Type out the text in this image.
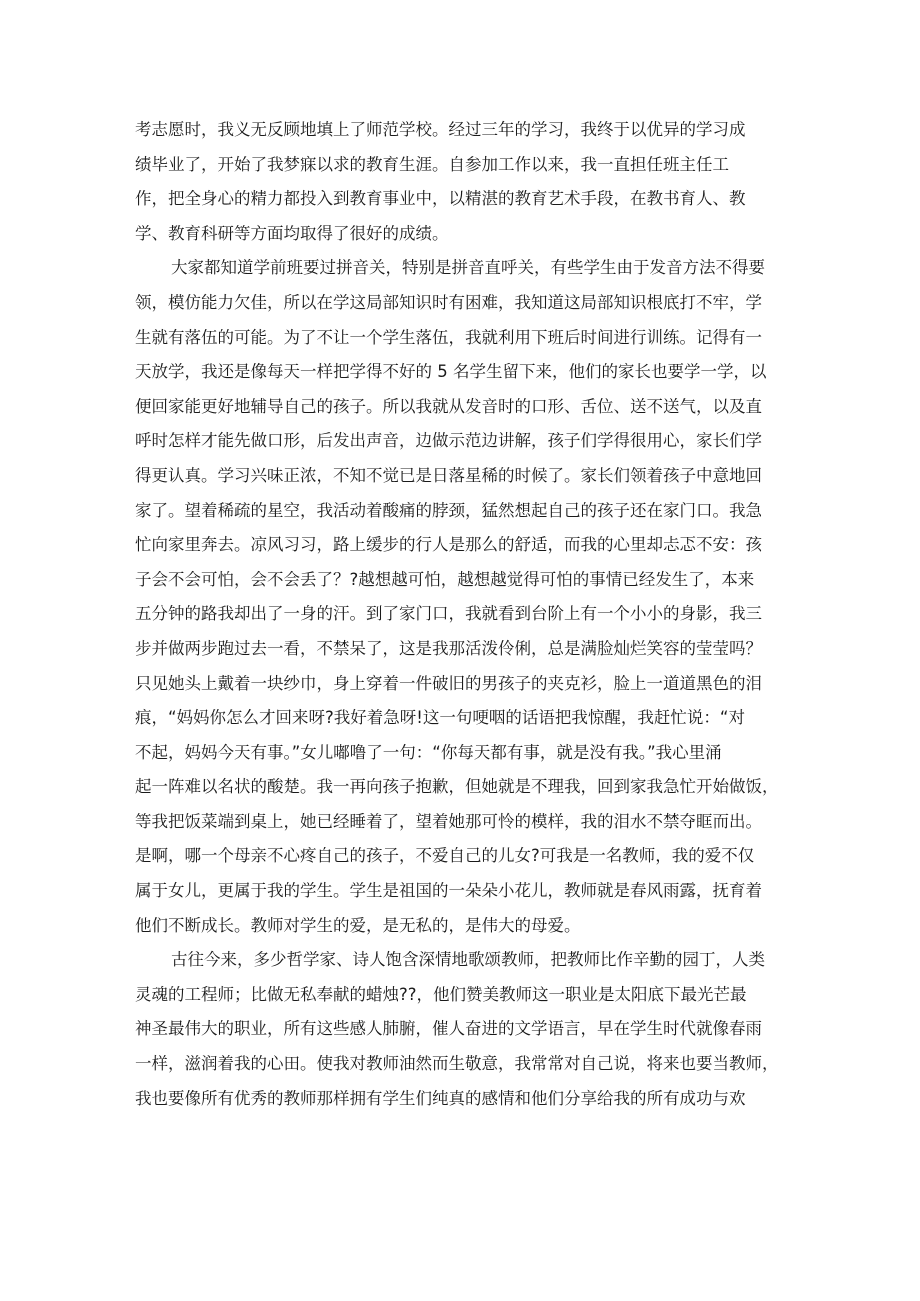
考志愿时，我义无反顾地填上了师范学校。经过三年的学习，我终于以优异的学习成
绩毕业了，开始了我梦寐以求的教育生涯。自参加工作以来，我一直担任班主任工
作，把全身心的精力都投入到教育事业中，以精湛的教育艺术手段，在教书育人、教
学、教育科研等方面均取得了很好的成绩。

大家都知道学前班要过拼音关，特别是拼音直呼关，有些学生由于发音方法不得要
领，模仿能力欠佳，所以在学这局部知识时有困难，我知道这局部知识根底打不牢，学
生就有落伍的可能。为了不让一个学生落伍，我就利用下班后时间进行训练。记得有一
天放学，我还是像每天一样把学得不好的 5 名学生留下来，他们的家长也要学一学，以
便回家能更好地辅导自己的孩子。所以我就从发音时的口形、舌位、送不送气，以及直
呼时怎样才能先做口形，后发出声音，边做示范边讲解，孩子们学得很用心，家长们学
得更认真。学习兴味正浓，不知不觉已是日落星稀的时候了。家长们领着孩子中意地回
家了。望着稀疏的星空，我活动着酸痛的脖颈，猛然想起自己的孩子还在家门口。我急
忙向家里奔去。凉风习习，路上缓步的行人是那么的舒适，而我的心里却忐忑不安：孩
子会不会可怕，会不会丢了？?越想越可怕，越想越觉得可怕的事情已经发生了，本来
五分钟的路我却出了一身的汗。到了家门口，我就看到台阶上有一个小小的身影，我三
步并做两步跑过去一看，不禁呆了，这是我那活泼伶俐，总是满脸灿烂笑容的莹莹吗？
只见她头上戴着一块纱巾，身上穿着一件破旧的男孩子的夹克衫，脸上一道道黑色的泪
痕，“妈妈你怎么才回来呀?我好着急呀!这一句哽咽的话语把我惊醒，我赶忙说：“对
不起，妈妈今天有事。”女儿嘟噜了一句：“你每天都有事，就是没有我。”我心里涌
起一阵难以名状的酸楚。我一再向孩子抱歉，但她就是不理我，回到家我急忙开始做饭，
等我把饭菜端到桌上，她已经睡着了，望着她那可怜的模样，我的泪水不禁夺眶而出。
是啊，哪一个母亲不心疼自己的孩子，不爱自己的儿女?可我是一名教师，我的爱不仅
属于女儿，更属于我的学生。学生是祖国的一朵朵小花儿，教师就是春风雨露，抚育着
他们不断成长。教师对学生的爱，是无私的，是伟大的母爱。

古往今来，多少哲学家、诗人饱含深情地歌颂教师，把教师比作辛勤的园丁，人类
灵魂的工程师；比做无私奉献的蜡烛??，他们赞美教师这一职业是太阳底下最光芒最
神圣最伟大的职业，所有这些感人肺腑，催人奋进的文学语言，早在学生时代就像春雨
一样，滋润着我的心田。使我对教师油然而生敬意，我常常对自己说，将来也要当教师，
我也要像所有优秀的教师那样拥有学生们纯真的感情和他们分享给我的所有成功与欢
